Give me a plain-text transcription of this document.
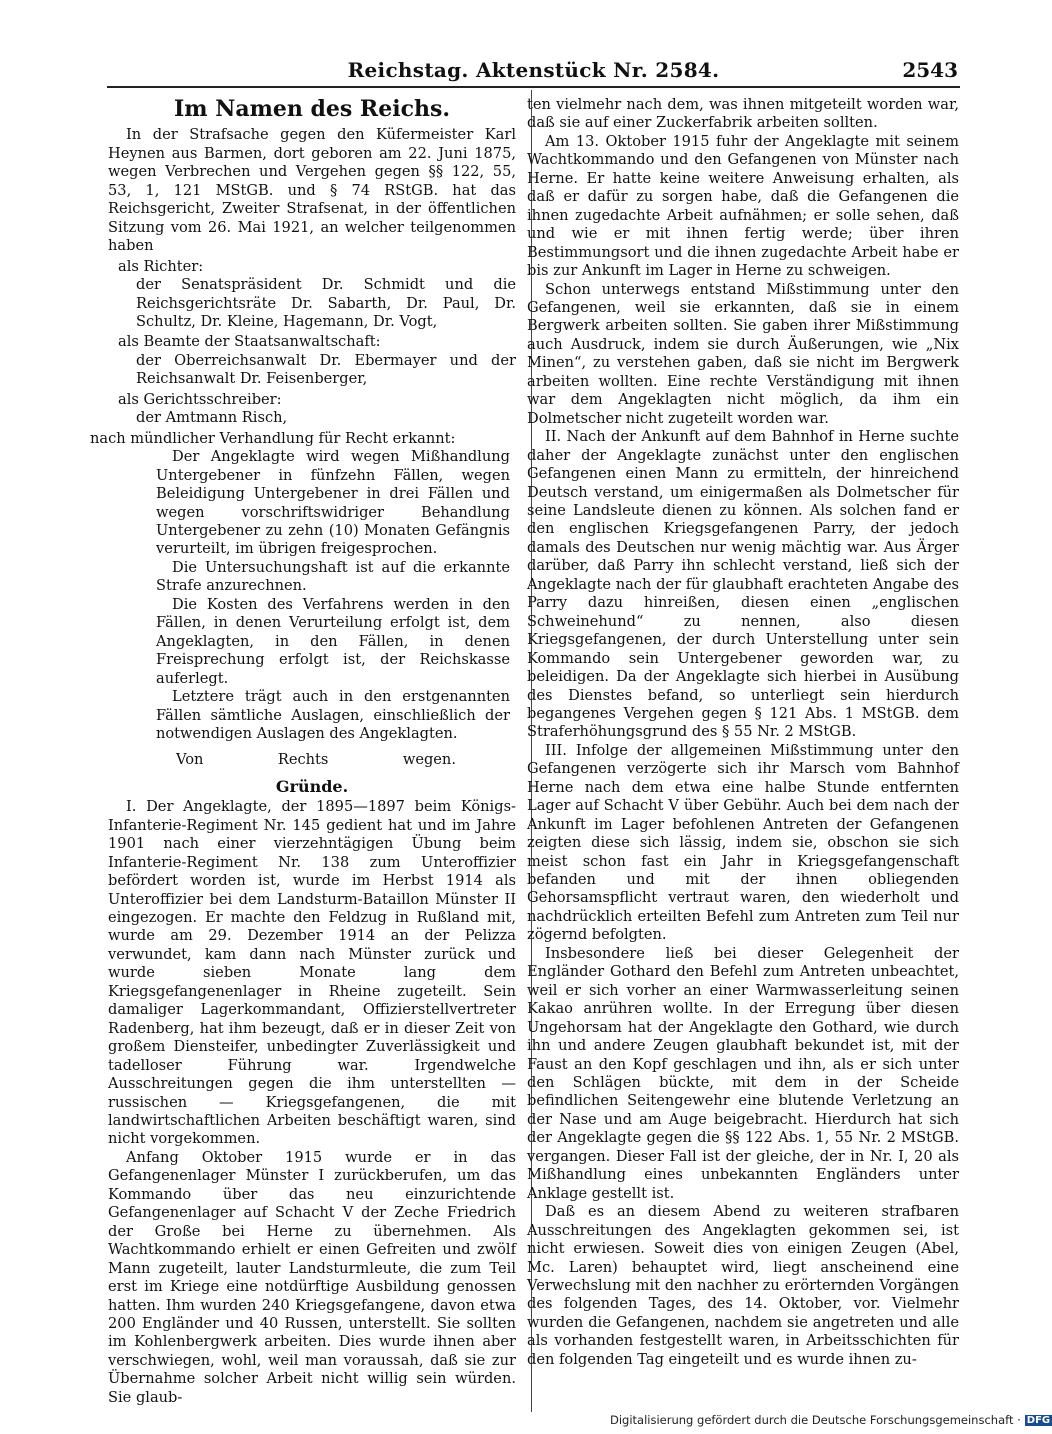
Reichstag. Aktenstück Nr. 2584.	2543

Im Namen des Reichs.

In der Strafsache gegen den Küfermeister Karl Heynen aus Barmen, dort geboren am 22. Juni 1875, wegen Verbrechen und Vergehen gegen §§ 122, 55, 53, 1, 121 MStGB. und § 74 RStGB. hat das Reichsgericht, Zweiter Strafsenat, in der öffentlichen Sitzung vom 26. Mai 1921, an welcher teilgenommen haben

als Richter:

der Senatspräsident Dr. Schmidt und die Reichsgerichtsräte Dr. Sabarth, Dr. Paul, Dr. Schultz, Dr. Kleine, Hagemann, Dr. Vogt,

als Beamte der Staatsanwaltschaft:

der Oberreichsanwalt Dr. Ebermayer und der Reichsanwalt Dr. Feisenberger,

als Gerichtsschreiber:

der Amtmann Risch,

nach mündlicher Verhandlung für Recht erkannt:

Der Angeklagte wird wegen Mißhandlung Untergebener in fünfzehn Fällen, wegen Beleidigung Untergebener in drei Fällen und wegen vorschriftswidriger Behandlung Untergebener zu zehn (10) Monaten Gefängnis verurteilt, im übrigen freigesprochen.

Die Untersuchungshaft ist auf die erkannte Strafe anzurechnen.

Die Kosten des Verfahrens werden in den Fällen, in denen Verurteilung erfolgt ist, dem Angeklagten, in den Fällen, in denen Freisprechung erfolgt ist, der Reichskasse auferlegt.

Letztere trägt auch in den erstgenannten Fällen sämtliche Auslagen, einschließlich der notwendigen Auslagen des Angeklagten.

Von	Rechts	wegen.

Gründe.

I. Der Angeklagte, der 1895—1897 beim Königs-Infanterie-Regiment Nr. 145 gedient hat und im Jahre 1901 nach einer vierzehntägigen Übung beim Infanterie-Regiment Nr. 138 zum Unteroffizier befördert worden ist, wurde im Herbst 1914 als Unteroffizier bei dem Landsturm-Bataillon Münster II eingezogen. Er machte den Feldzug in Rußland mit, wurde am 29. Dezember 1914 an der Pelizza verwundet, kam dann nach Münster zurück und wurde sieben Monate lang dem Kriegsgefangenenlager in Rheine zugeteilt. Sein damaliger Lagerkommandant, Offizierstellvertreter Radenberg, hat ihm bezeugt, daß er in dieser Zeit von großem Diensteifer, unbedingter Zuverlässigkeit und tadelloser Führung war. Irgendwelche Ausschreitungen gegen die ihm unterstellten — russischen — Kriegsgefangenen, die mit landwirtschaftlichen Arbeiten beschäftigt waren, sind nicht vorgekommen.

Anfang Oktober 1915 wurde er in das Gefangenenlager Münster I zurückberufen, um das Kommando über das neu einzurichtende Gefangenenlager auf Schacht V der Zeche Friedrich der Große bei Herne zu übernehmen. Als Wachtkommando erhielt er einen Gefreiten und zwölf Mann zugeteilt, lauter Landsturmleute, die zum Teil erst im Kriege eine notdürftige Ausbildung genossen hatten. Ihm wurden 240 Kriegsgefangene, davon etwa 200 Engländer und 40 Russen, unterstellt. Sie sollten im Kohlenbergwerk arbeiten. Dies wurde ihnen aber verschwiegen, wohl, weil man voraussah, daß sie zur Übernahme solcher Arbeit nicht willig sein würden. Sie glaub-

ten vielmehr nach dem, was ihnen mitgeteilt worden war, daß sie auf einer Zuckerfabrik arbeiten sollten.

Am 13. Oktober 1915 fuhr der Angeklagte mit seinem Wachtkommando und den Gefangenen von Münster nach Herne. Er hatte keine weitere Anweisung erhalten, als daß er dafür zu sorgen habe, daß die Gefangenen die ihnen zugedachte Arbeit aufnähmen; er solle sehen, daß und wie er mit ihnen fertig werde; über ihren Bestimmungsort und die ihnen zugedachte Arbeit habe er bis zur Ankunft im Lager in Herne zu schweigen.

Schon unterwegs entstand Mißstimmung unter den Gefangenen, weil sie erkannten, daß sie in einem Bergwerk arbeiten sollten. Sie gaben ihrer Mißstimmung auch Ausdruck, indem sie durch Äußerungen, wie „Nix Minen“, zu verstehen gaben, daß sie nicht im Bergwerk arbeiten wollten. Eine rechte Verständigung mit ihnen war dem Angeklagten nicht möglich, da ihm ein Dolmetscher nicht zugeteilt worden war.

II. Nach der Ankunft auf dem Bahnhof in Herne suchte daher der Angeklagte zunächst unter den englischen Gefangenen einen Mann zu ermitteln, der hinreichend Deutsch verstand, um einigermaßen als Dolmetscher für seine Landsleute dienen zu können. Als solchen fand er den englischen Kriegsgefangenen Parry, der jedoch damals des Deutschen nur wenig mächtig war. Aus Ärger darüber, daß Parry ihn schlecht verstand, ließ sich der Angeklagte nach der für glaubhaft erachteten Angabe des Parry dazu hinreißen, diesen einen „englischen Schweinehund“ zu nennen, also diesen Kriegsgefangenen, der durch Unterstellung unter sein Kommando sein Untergebener geworden war, zu beleidigen. Da der Angeklagte sich hierbei in Ausübung des Dienstes befand, so unterliegt sein hierdurch begangenes Vergehen gegen § 121 Abs. 1 MStGB. dem Straferhöhungsgrund des § 55 Nr. 2 MStGB.

III. Infolge der allgemeinen Mißstimmung unter den Gefangenen verzögerte sich ihr Marsch vom Bahnhof Herne nach dem etwa eine halbe Stunde entfernten Lager auf Schacht V über Gebühr. Auch bei dem nach der Ankunft im Lager befohlenen Antreten der Gefangenen zeigten diese sich lässig, indem sie, obschon sie sich meist schon fast ein Jahr in Kriegsgefangenschaft befanden und mit der ihnen obliegenden Gehorsamspflicht vertraut waren, den wiederholt und nachdrücklich erteilten Befehl zum Antreten zum Teil nur zögernd befolgten.

Insbesondere ließ bei dieser Gelegenheit der Engländer Gothard den Befehl zum Antreten unbeachtet, weil er sich vorher an einer Warmwasserleitung seinen Kakao anrühren wollte. In der Erregung über diesen Ungehorsam hat der Angeklagte den Gothard, wie durch ihn und andere Zeugen glaubhaft bekundet ist, mit der Faust an den Kopf geschlagen und ihn, als er sich unter den Schlägen bückte, mit dem in der Scheide befindlichen Seitengewehr eine blutende Verletzung an der Nase und am Auge beigebracht. Hierdurch hat sich der Angeklagte gegen die §§ 122 Abs. 1, 55 Nr. 2 MStGB. vergangen. Dieser Fall ist der gleiche, der in Nr. I, 20 als Mißhandlung eines unbekannten Engländers unter Anklage gestellt ist.

Daß es an diesem Abend zu weiteren strafbaren Ausschreitungen des Angeklagten gekommen sei, ist nicht erwiesen. Soweit dies von einigen Zeugen (Abel, Mc. Laren) behauptet wird, liegt anscheinend eine Verwechslung mit den nachher zu erörternden Vorgängen des folgenden Tages, des 14. Oktober, vor. Vielmehr wurden die Gefangenen, nachdem sie angetreten und alle als vorhanden festgestellt waren, in Arbeitsschichten für den folgenden Tag eingeteilt und es wurde ihnen zu-

Digitalisierung gefördert durch die Deutsche Forschungsgemeinschaft · DFG
